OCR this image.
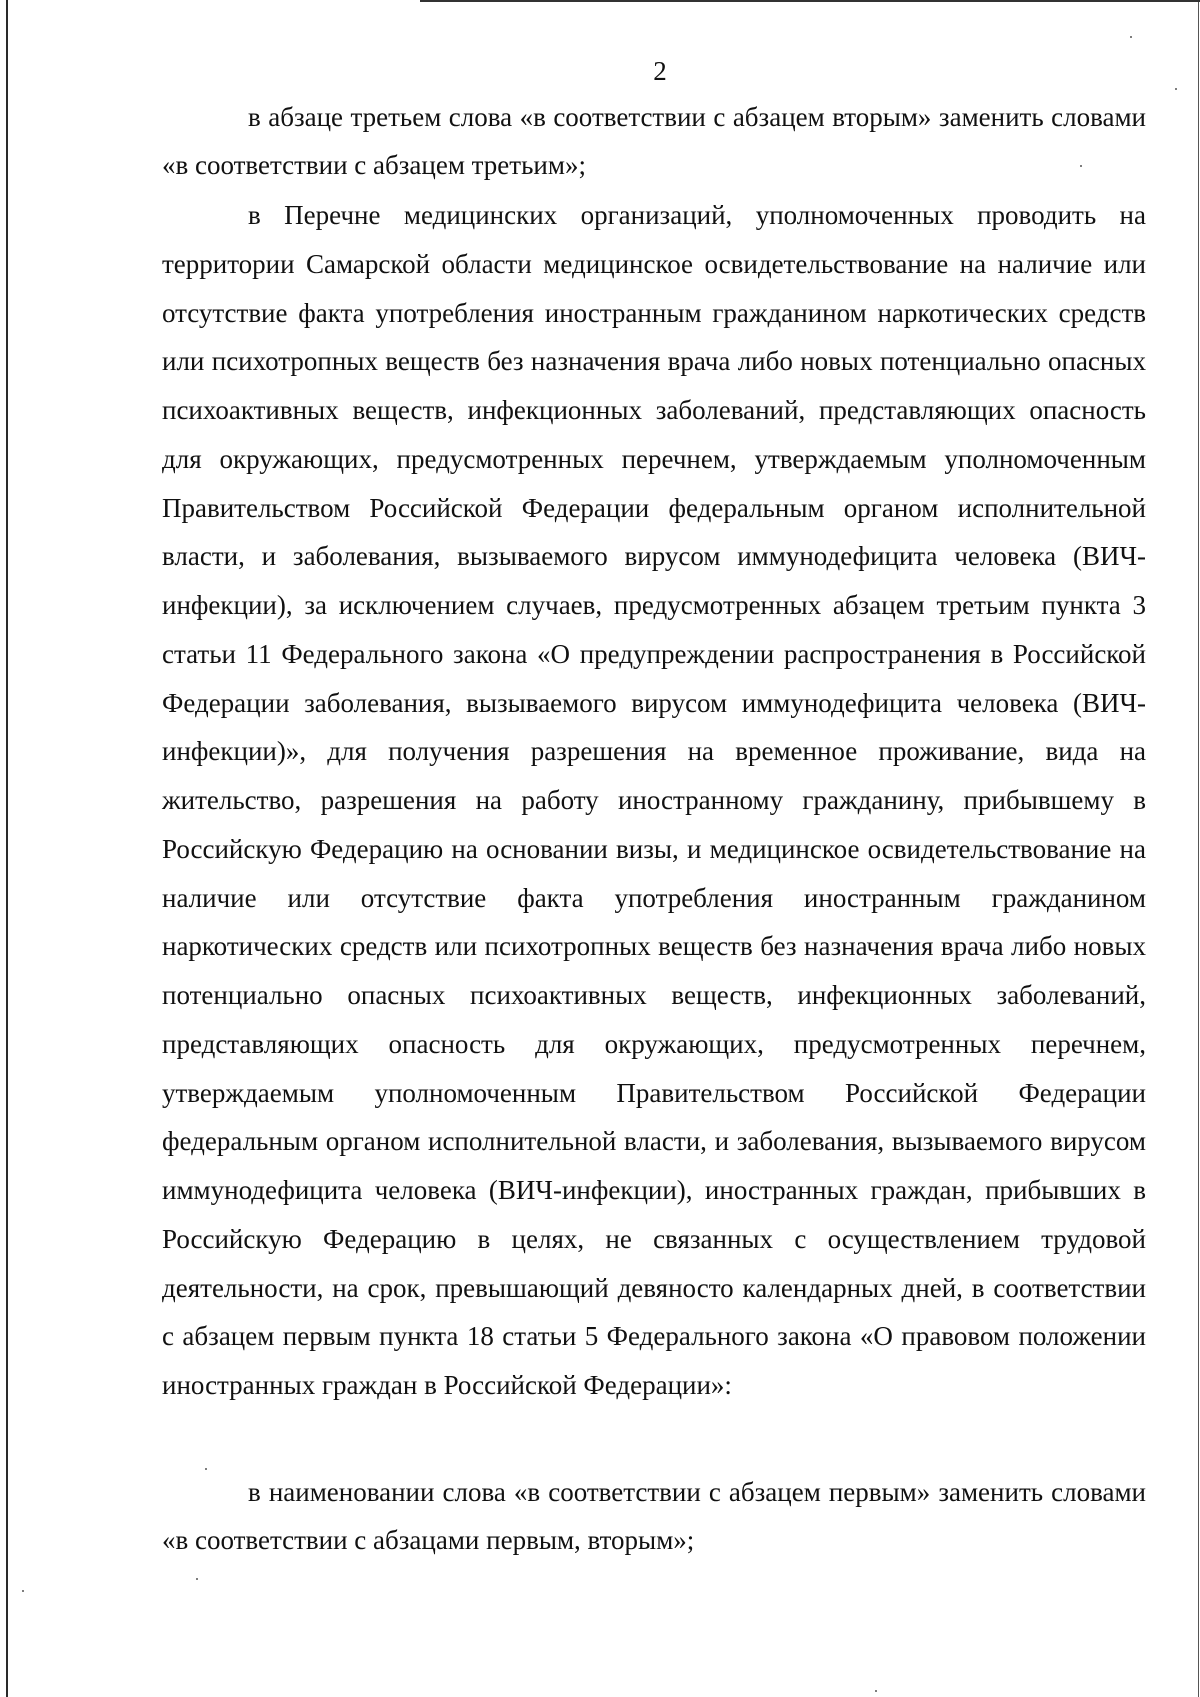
2

в абзаце третьем слова «в соответствии с абзацем вторым» заменить словами «в соответствии с абзацем третьим»;

в Перечне медицинских организаций, уполномоченных проводить на территории Самарской области медицинское освидетельствование на наличие или отсутствие факта употребления иностранным гражданином наркотических средств или психотропных веществ без назначения врача либо новых потенциально опасных психоактивных веществ, инфекционных заболеваний, представляющих опасность для окружающих, предусмотренных перечнем, утверждаемым уполномоченным Правительством Российской Федерации федеральным органом исполнительной власти, и заболевания, вызываемого вирусом иммунодефицита человека (ВИЧ-инфекции), за исключением случаев, предусмотренных абзацем третьим пункта 3 статьи 11 Федерального закона «О предупреждении распространения в Российской Федерации заболевания, вызываемого вирусом иммунодефицита человека (ВИЧ-инфекции)», для получения разрешения на временное проживание, вида на жительство, разрешения на работу иностранному гражданину, прибывшему в Российскую Федерацию на основании визы, и медицинское освидетельствование на наличие или отсутствие факта употребления иностранным гражданином наркотических средств или психотропных веществ без назначения врача либо новых потенциально опасных психоактивных веществ, инфекционных заболеваний, представляющих опасность для окружающих, предусмотренных перечнем, утверждаемым уполномоченным Правительством Российской Федерации федеральным органом исполнительной власти, и заболевания, вызываемого вирусом иммунодефицита человека (ВИЧ-инфекции), иностранных граждан, прибывших в Российскую Федерацию в целях, не связанных с осуществлением трудовой деятельности, на срок, превышающий девяносто календарных дней, в соответствии с абзацем первым пункта 18 статьи 5 Федерального закона «О правовом положении иностранных граждан в Российской Федерации»:

в наименовании слова «в соответствии с абзацем первым» заменить словами «в соответствии с абзацами первым, вторым»;
